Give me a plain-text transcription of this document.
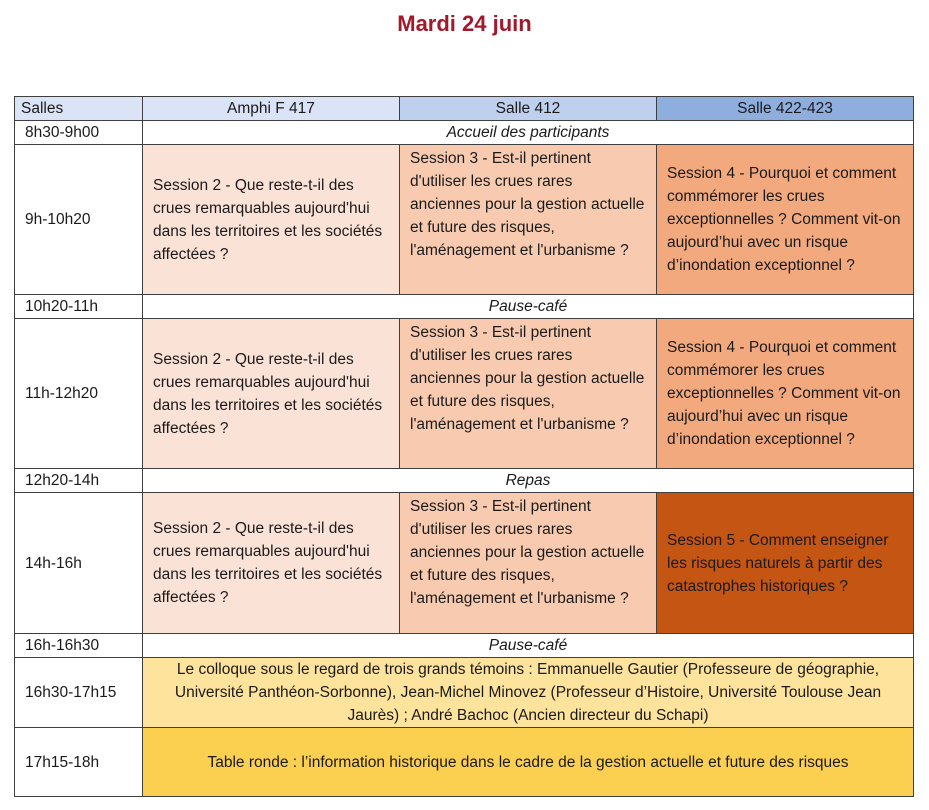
Mardi 24 juin
Salles	Amphi F 417	Salle 412	Salle 422-423
8h30-9h00	Accueil des participants		
9h-10h20	Session 2 - Que reste-t-il des crues remarquables aujourd'hui dans les territoires et les sociétés affectées ?	Session 3 - Est-il pertinent d'utiliser les crues rares anciennes pour la gestion actuelle et future des risques, l'aménagement et l'urbanisme ?	Session 4 - Pourquoi et comment commémorer les crues exceptionnelles ? Comment vit-on aujourd’hui avec un risque d’inondation exceptionnel ?
10h20-11h	Pause-café		
11h-12h20	Session 2 - Que reste-t-il des crues remarquables aujourd'hui dans les territoires et les sociétés affectées ?	Session 3 - Est-il pertinent d'utiliser les crues rares anciennes pour la gestion actuelle et future des risques, l'aménagement et l'urbanisme ?	Session 4 - Pourquoi et comment commémorer les crues exceptionnelles ? Comment vit-on aujourd’hui avec un risque d’inondation exceptionnel ?
12h20-14h	Repas		
14h-16h	Session 2 - Que reste-t-il des crues remarquables aujourd'hui dans les territoires et les sociétés affectées ?	Session 3 - Est-il pertinent d'utiliser les crues rares anciennes pour la gestion actuelle et future des risques, l'aménagement et l'urbanisme ?	Session 5 - Comment enseigner les risques naturels à partir des catastrophes historiques ?
16h-16h30	Pause-café		
16h30-17h15	Le colloque sous le regard de trois grands témoins : Emmanuelle Gautier (Professeure de géographie, Université Panthéon-Sorbonne), Jean-Michel Minovez (Professeur d’Histoire, Université Toulouse Jean Jaurès) ; André Bachoc (Ancien directeur du Schapi)		
17h15-18h	Table ronde : l’information historique dans le cadre de la gestion actuelle et future des risques		
